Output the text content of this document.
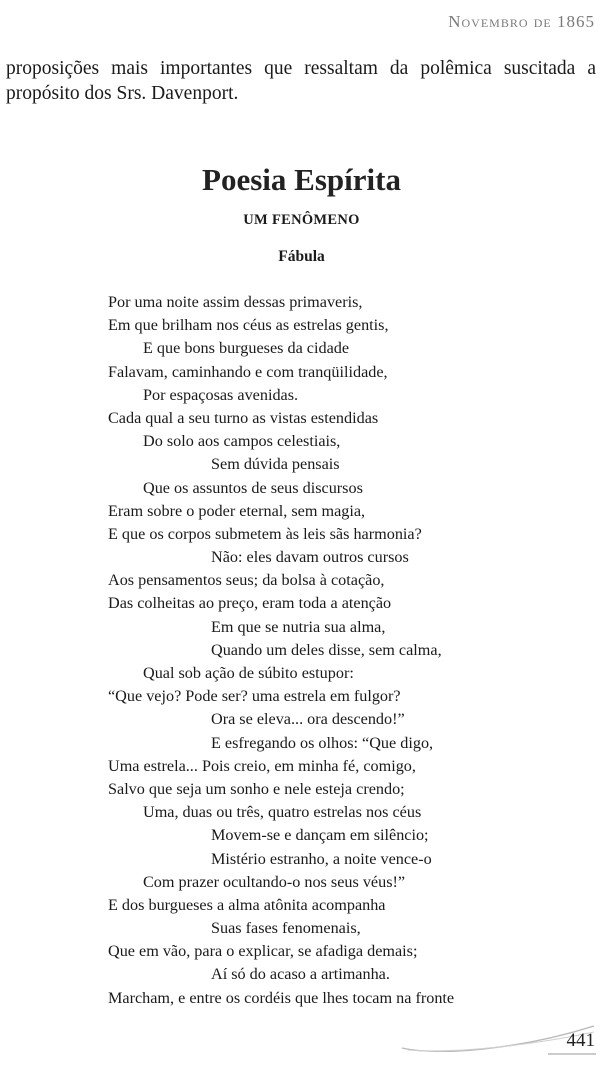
Novembro de 1865
proposições mais importantes que ressaltam da polêmica suscitada a propósito dos Srs. Davenport.
Poesia Espírita
UM FENÔMENO
Fábula
Por uma noite assim dessas primaveris,
Em que brilham nos céus as estrelas gentis,
E que bons burgueses da cidade
Falavam, caminhando e com tranqüilidade,
Por espaçosas avenidas.
Cada qual a seu turno as vistas estendidas
Do solo aos campos celestiais,
Sem dúvida pensais
Que os assuntos de seus discursos
Eram sobre o poder eternal, sem magia,
E que os corpos submetem às leis sãs harmonia?
Não: eles davam outros cursos
Aos pensamentos seus; da bolsa à cotação,
Das colheitas ao preço, eram toda a atenção
Em que se nutria sua alma,
Quando um deles disse, sem calma,
Qual sob ação de súbito estupor:
“Que vejo? Pode ser? uma estrela em fulgor?
Ora se eleva... ora descendo!”
E esfregando os olhos: “Que digo,
Uma estrela... Pois creio, em minha fé, comigo,
Salvo que seja um sonho e nele esteja crendo;
Uma, duas ou três, quatro estrelas nos céus
Movem-se e dançam em silêncio;
Mistério estranho, a noite vence-o
Com prazer ocultando-o nos seus véus!”
E dos burgueses a alma atônita acompanha
Suas fases fenomenais,
Que em vão, para o explicar, se afadiga demais;
Aí só do acaso a artimanha.
Marcham, e entre os cordéis que lhes tocam na fronte
441
